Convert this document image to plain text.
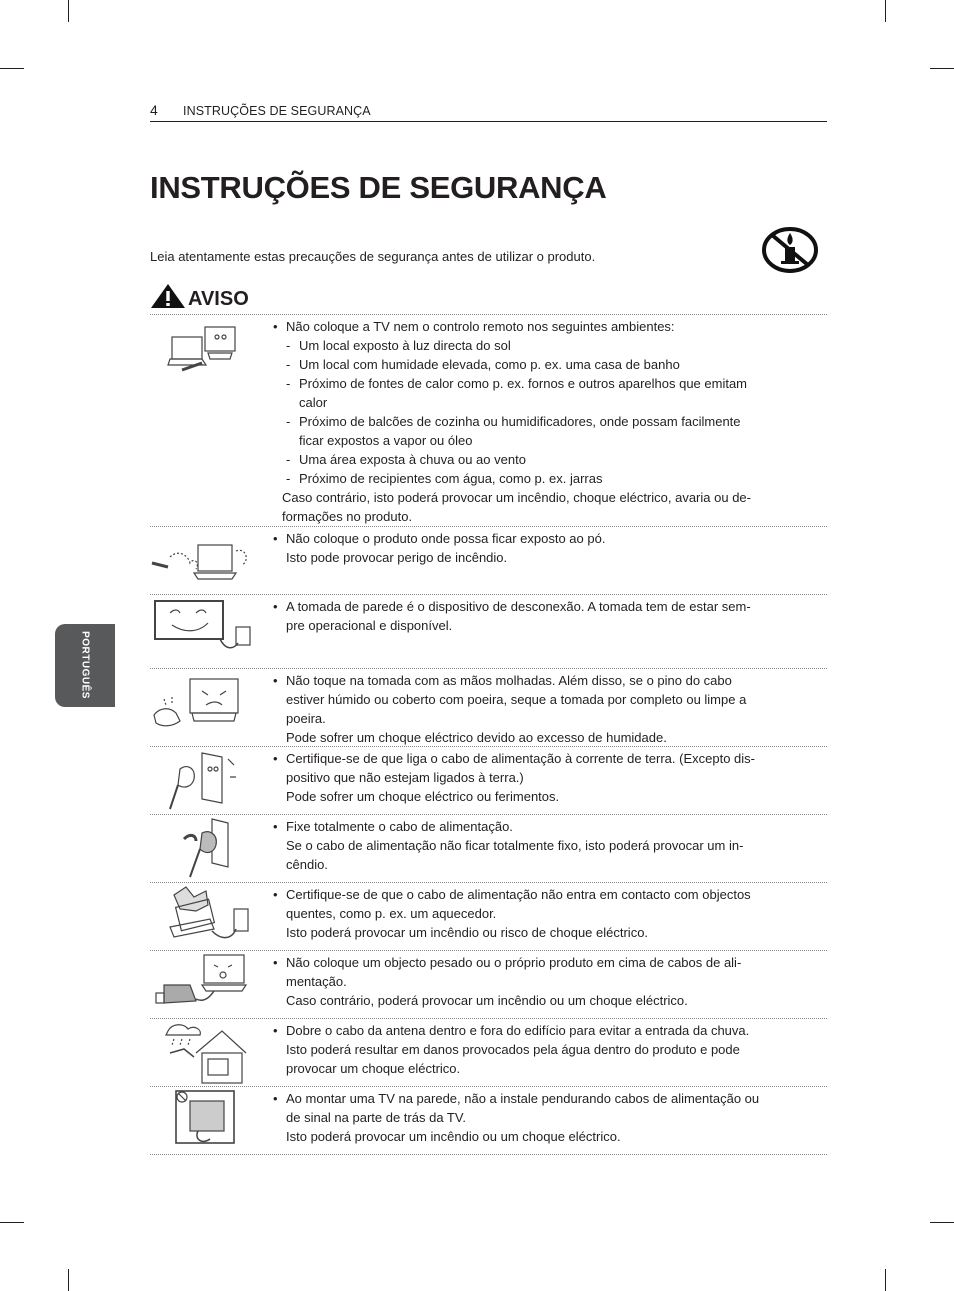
4 INSTRUÇÕES DE SEGURANÇA
INSTRUÇÕES DE SEGURANÇA

Leia atentamente estas precauções de segurança antes de utilizar o produto.

PORTUGUÊS
AVISO
• Não coloque a TV nem o controlo remoto nos seguintes ambientes:
- Um local exposto à luz directa do sol
- Um local com humidade elevada, como p. ex. uma casa de banho
- Próximo de fontes de calor como p. ex. fornos e outros aparelhos que emitam
calor
- Próximo de balcões de cozinha ou humidificadores, onde possam facilmente
ficar expostos a vapor ou óleo
- Uma área exposta à chuva ou ao vento
- Próximo de recipientes com água, como p. ex. jarras
Caso contrário, isto poderá provocar um incêndio, choque eléctrico, avaria ou de-
formações no produto.
• Não coloque o produto onde possa ficar exposto ao pó.
Isto pode provocar perigo de incêndio.
• A tomada de parede é o dispositivo de desconexão. A tomada tem de estar sem-
pre operacional e disponível.
• Não toque na tomada com as mãos molhadas. Além disso, se o pino do cabo
estiver húmido ou coberto com poeira, seque a tomada por completo ou limpe a
poeira.
Pode sofrer um choque eléctrico devido ao excesso de humidade.
• Certifique-se de que liga o cabo de alimentação à corrente de terra. (Excepto dis-
positivo que não estejam ligados à terra.)
Pode sofrer um choque eléctrico ou ferimentos.
• Fixe totalmente o cabo de alimentação.
Se o cabo de alimentação não ficar totalmente fixo, isto poderá provocar um in-
cêndio.
• Certifique-se de que o cabo de alimentação não entra em contacto com objectos
quentes, como p. ex. um aquecedor.
Isto poderá provocar um incêndio ou risco de choque eléctrico.
• Não coloque um objecto pesado ou o próprio produto em cima de cabos de ali-
mentação.
Caso contrário, poderá provocar um incêndio ou um choque eléctrico.
• Dobre o cabo da antena dentro e fora do edifício para evitar a entrada da chuva.
Isto poderá resultar em danos provocados pela água dentro do produto e pode
provocar um choque eléctrico.
• Ao montar uma TV na parede, não a instale pendurando cabos de alimentação ou
de sinal na parte de trás da TV.
Isto poderá provocar um incêndio ou um choque eléctrico.
